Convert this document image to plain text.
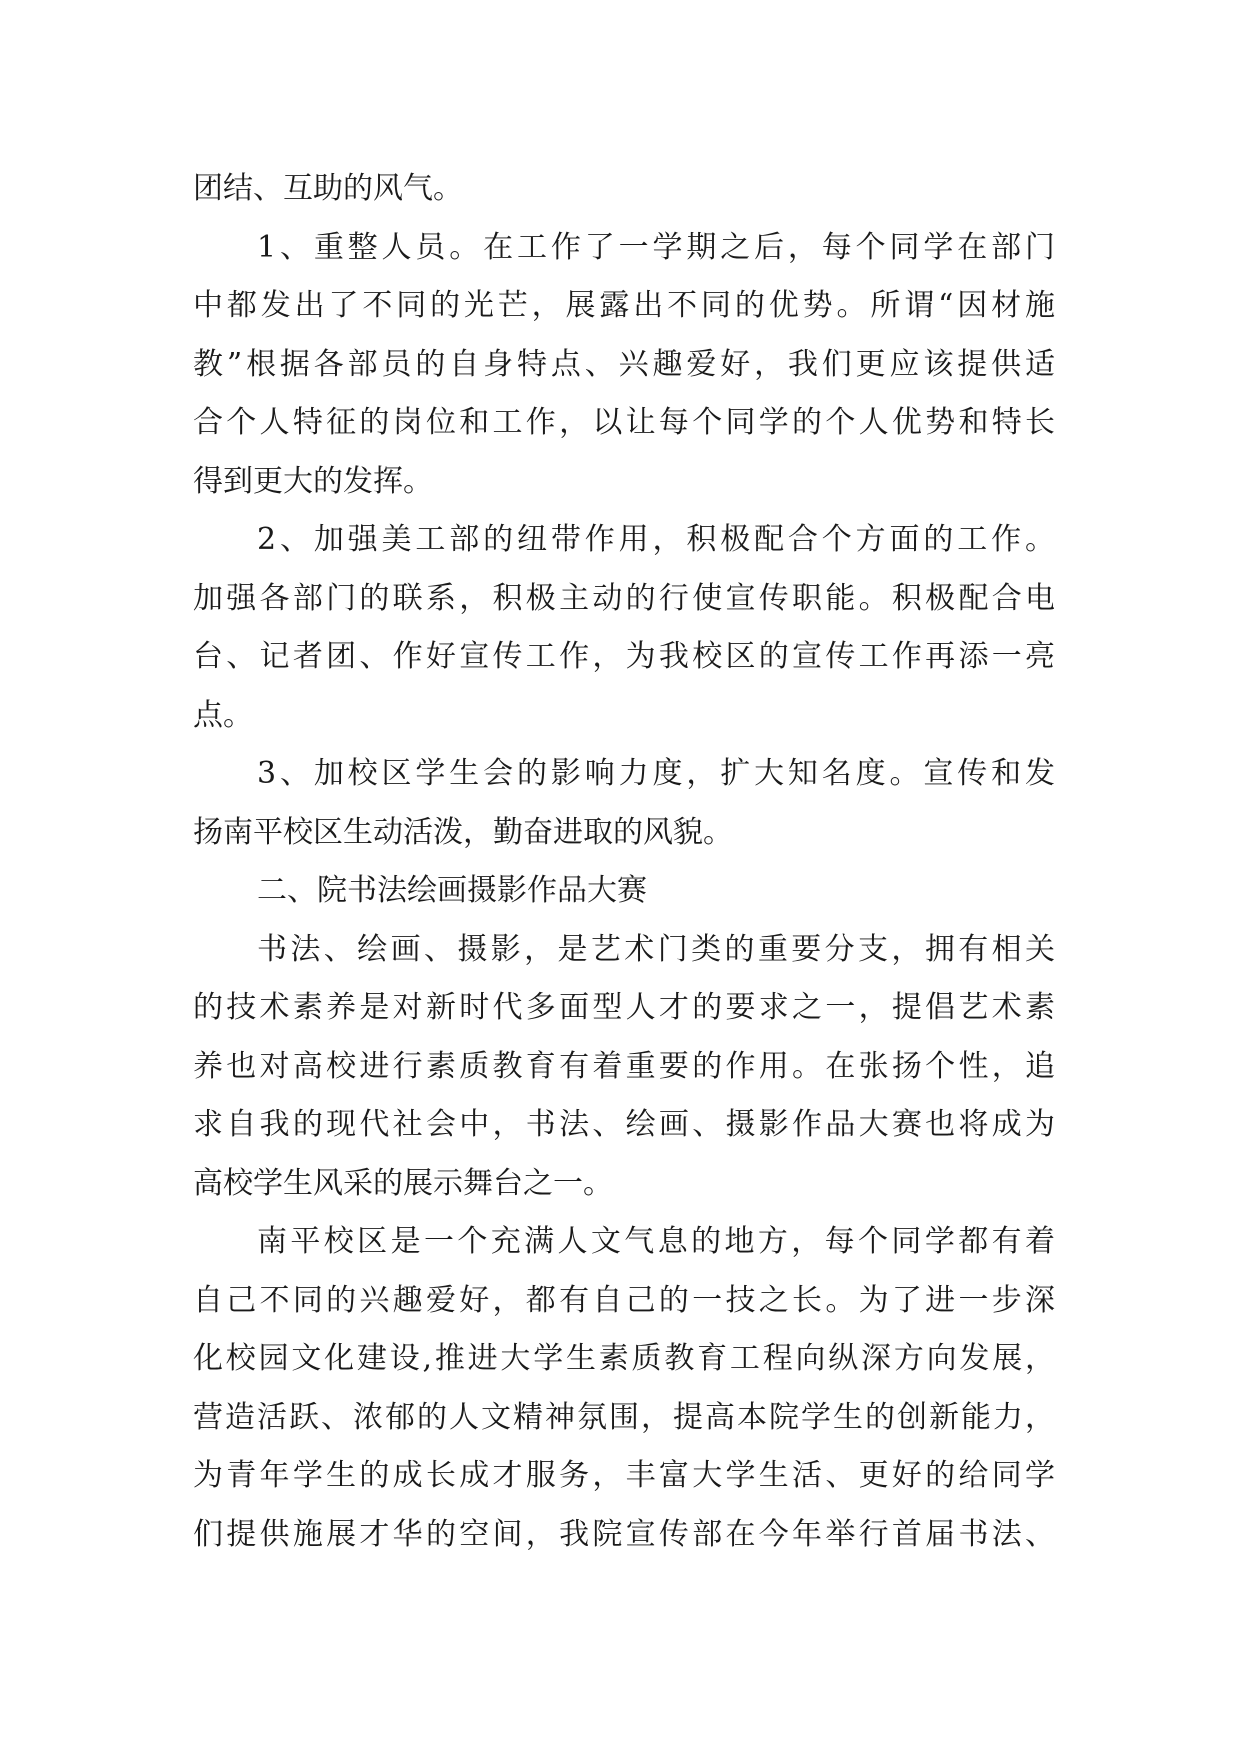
团结、互助的风气。
1、重整人员。在工作了一学期之后，每个同学在部门
中都发出了不同的光芒，展露出不同的优势。所谓“因材施
教”根据各部员的自身特点、兴趣爱好，我们更应该提供适
合个人特征的岗位和工作，以让每个同学的个人优势和特长
得到更大的发挥。
2、加强美工部的纽带作用，积极配合个方面的工作。
加强各部门的联系，积极主动的行使宣传职能。积极配合电
台、记者团、作好宣传工作，为我校区的宣传工作再添一亮
点。
3、加校区学生会的影响力度，扩大知名度。宣传和发
扬南平校区生动活泼，勤奋进取的风貌。
二、院书法绘画摄影作品大赛
书法、绘画、摄影，是艺术门类的重要分支，拥有相关
的技术素养是对新时代多面型人才的要求之一，提倡艺术素
养也对高校进行素质教育有着重要的作用。在张扬个性，追
求自我的现代社会中，书法、绘画、摄影作品大赛也将成为
高校学生风采的展示舞台之一。
南平校区是一个充满人文气息的地方，每个同学都有着
自己不同的兴趣爱好，都有自己的一技之长。为了进一步深
化校园文化建设,推进大学生素质教育工程向纵深方向发展，
营造活跃、浓郁的人文精神氛围，提高本院学生的创新能力，
为青年学生的成长成才服务，丰富大学生活、更好的给同学
们提供施展才华的空间，我院宣传部在今年举行首届书法、
